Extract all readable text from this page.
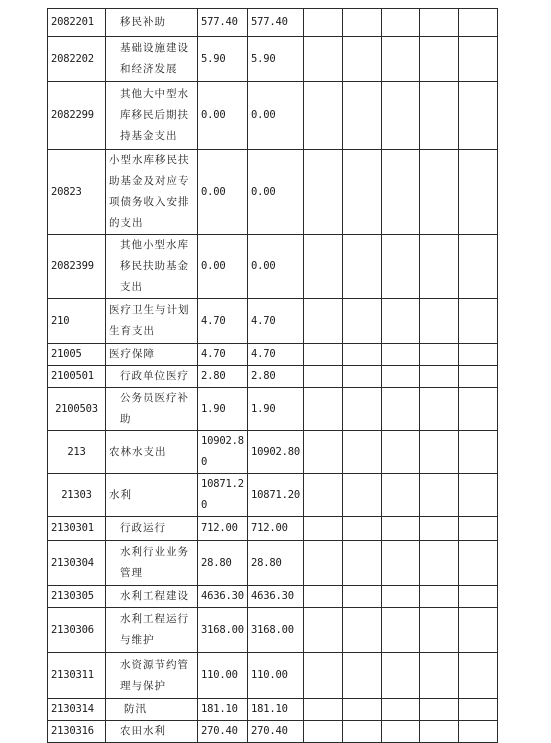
2082201	移民补助	577.40	577.40					
2082202	基础设施建设和经济发展	5.90	5.90					
2082299	其他大中型水库移民后期扶持基金支出	0.00	0.00					
20823	小型水库移民扶助基金及对应专项债务收入安排的支出	0.00	0.00					
2082399	其他小型水库移民扶助基金支出	0.00	0.00					
210	医疗卫生与计划生育支出	4.70	4.70					
21005	医疗保障	4.70	4.70					
2100501	行政单位医疗	2.80	2.80					
2100503	公务员医疗补助	1.90	1.90					
213	农林水支出	10902.80	10902.80					
21303	水利	10871.20	10871.20					
2130301	行政运行	712.00	712.00					
2130304	水利行业业务管理	28.80	28.80					
2130305	水利工程建设	4636.30	4636.30					
2130306	水利工程运行与维护	3168.00	3168.00					
2130311	水资源节约管理与保护	110.00	110.00					
2130314	防汛	181.10	181.10					
2130316	农田水利	270.40	270.40					
